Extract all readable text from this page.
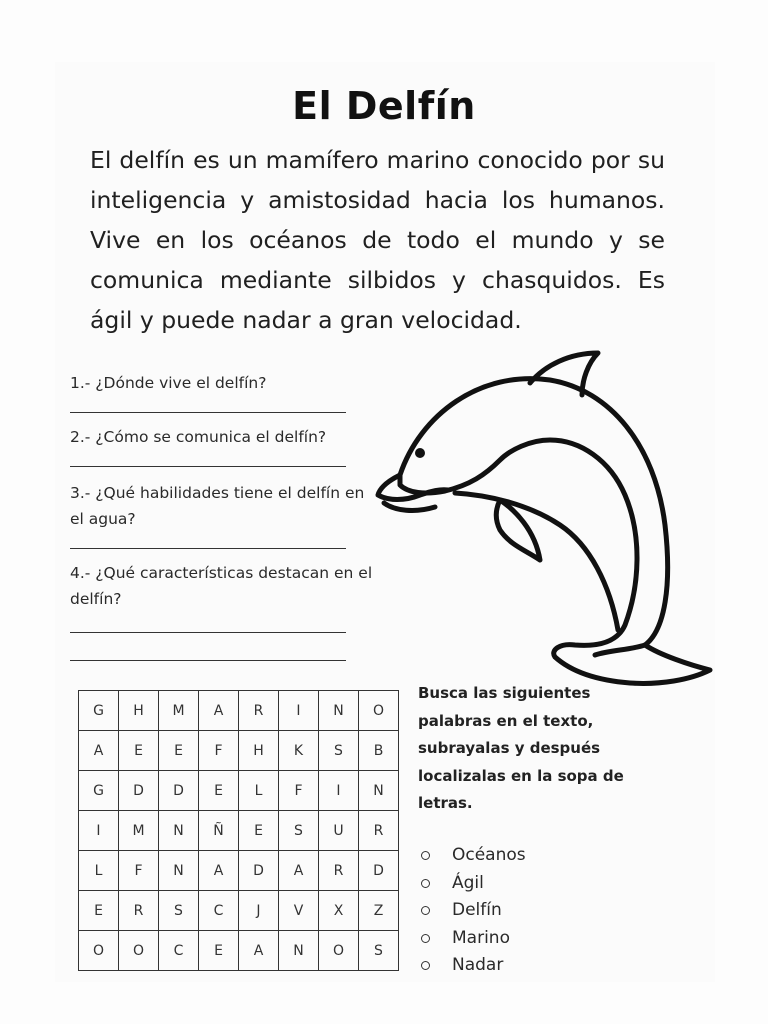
El Delfín
El delfín es un mamífero marino conocido por su inteligencia y amistosidad hacia los humanos. Vive en los océanos de todo el mundo y se comunica mediante silbidos y chasquidos. Es ágil y puede nadar a gran velocidad.
1.- ¿Dónde vive el delfín?
2.- ¿Cómo se comunica el delfín?
3.- ¿Qué habilidades tiene el delfín en el agua?
4.- ¿Qué características destacan en el delfín?
G	H	M	A	R	I	N	O
A	E	E	F	H	K	S	B
G	D	D	E	L	F	I	N
I	M	N	Ñ	E	S	U	R
L	F	N	A	D	A	R	D
E	R	S	C	J	V	X	Z
O	O	C	E	A	N	O	S
Busca las siguientes palabras en el texto, subrayalas y después localizalas en la sopa de letras.
Océanos
Ágil
Delfín
Marino
Nadar
